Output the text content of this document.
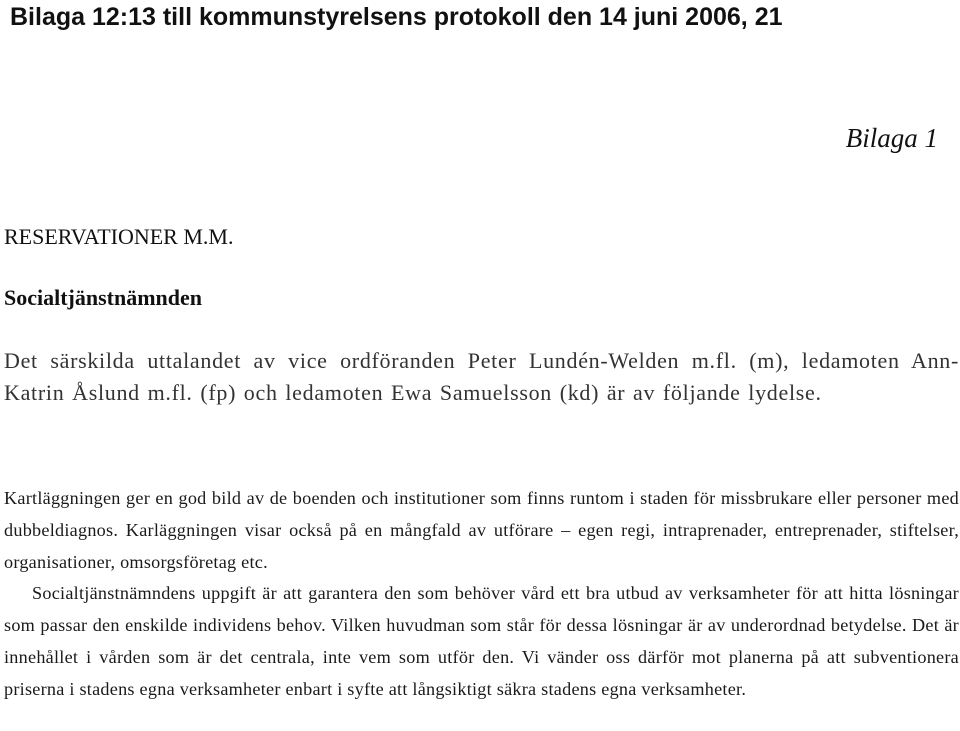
Bilaga 12:13 till kommunstyrelsens protokoll den 14 juni 2006, 21
Bilaga 1
RESERVATIONER M.M.
Socialtjänstnämnden

Det särskilda uttalandet av vice ordföranden Peter Lundén-Welden m.fl. (m), ledamoten Ann-Katrin Åslund m.fl. (fp) och ledamoten Ewa Samuelsson (kd) är av följande lydelse.

Kartläggningen ger en god bild av de boenden och institutioner som finns runtom i staden för missbrukare eller personer med dubbeldiagnos. Karläggningen visar också på en mångfald av utförare – egen regi, intraprenader, entreprenader, stiftelser, organisationer, omsorgsföretag etc.
Socialtjänstnämndens uppgift är att garantera den som behöver vård ett bra utbud av verksamheter för att hitta lösningar som passar den enskilde individens behov. Vilken huvudman som står för dessa lösningar är av underordnad betydelse. Det är innehållet i vården som är det centrala, inte vem som utför den. Vi vänder oss därför mot planerna på att subventionera priserna i stadens egna verksamheter enbart i syfte att långsiktigt säkra stadens egna verksamheter.
